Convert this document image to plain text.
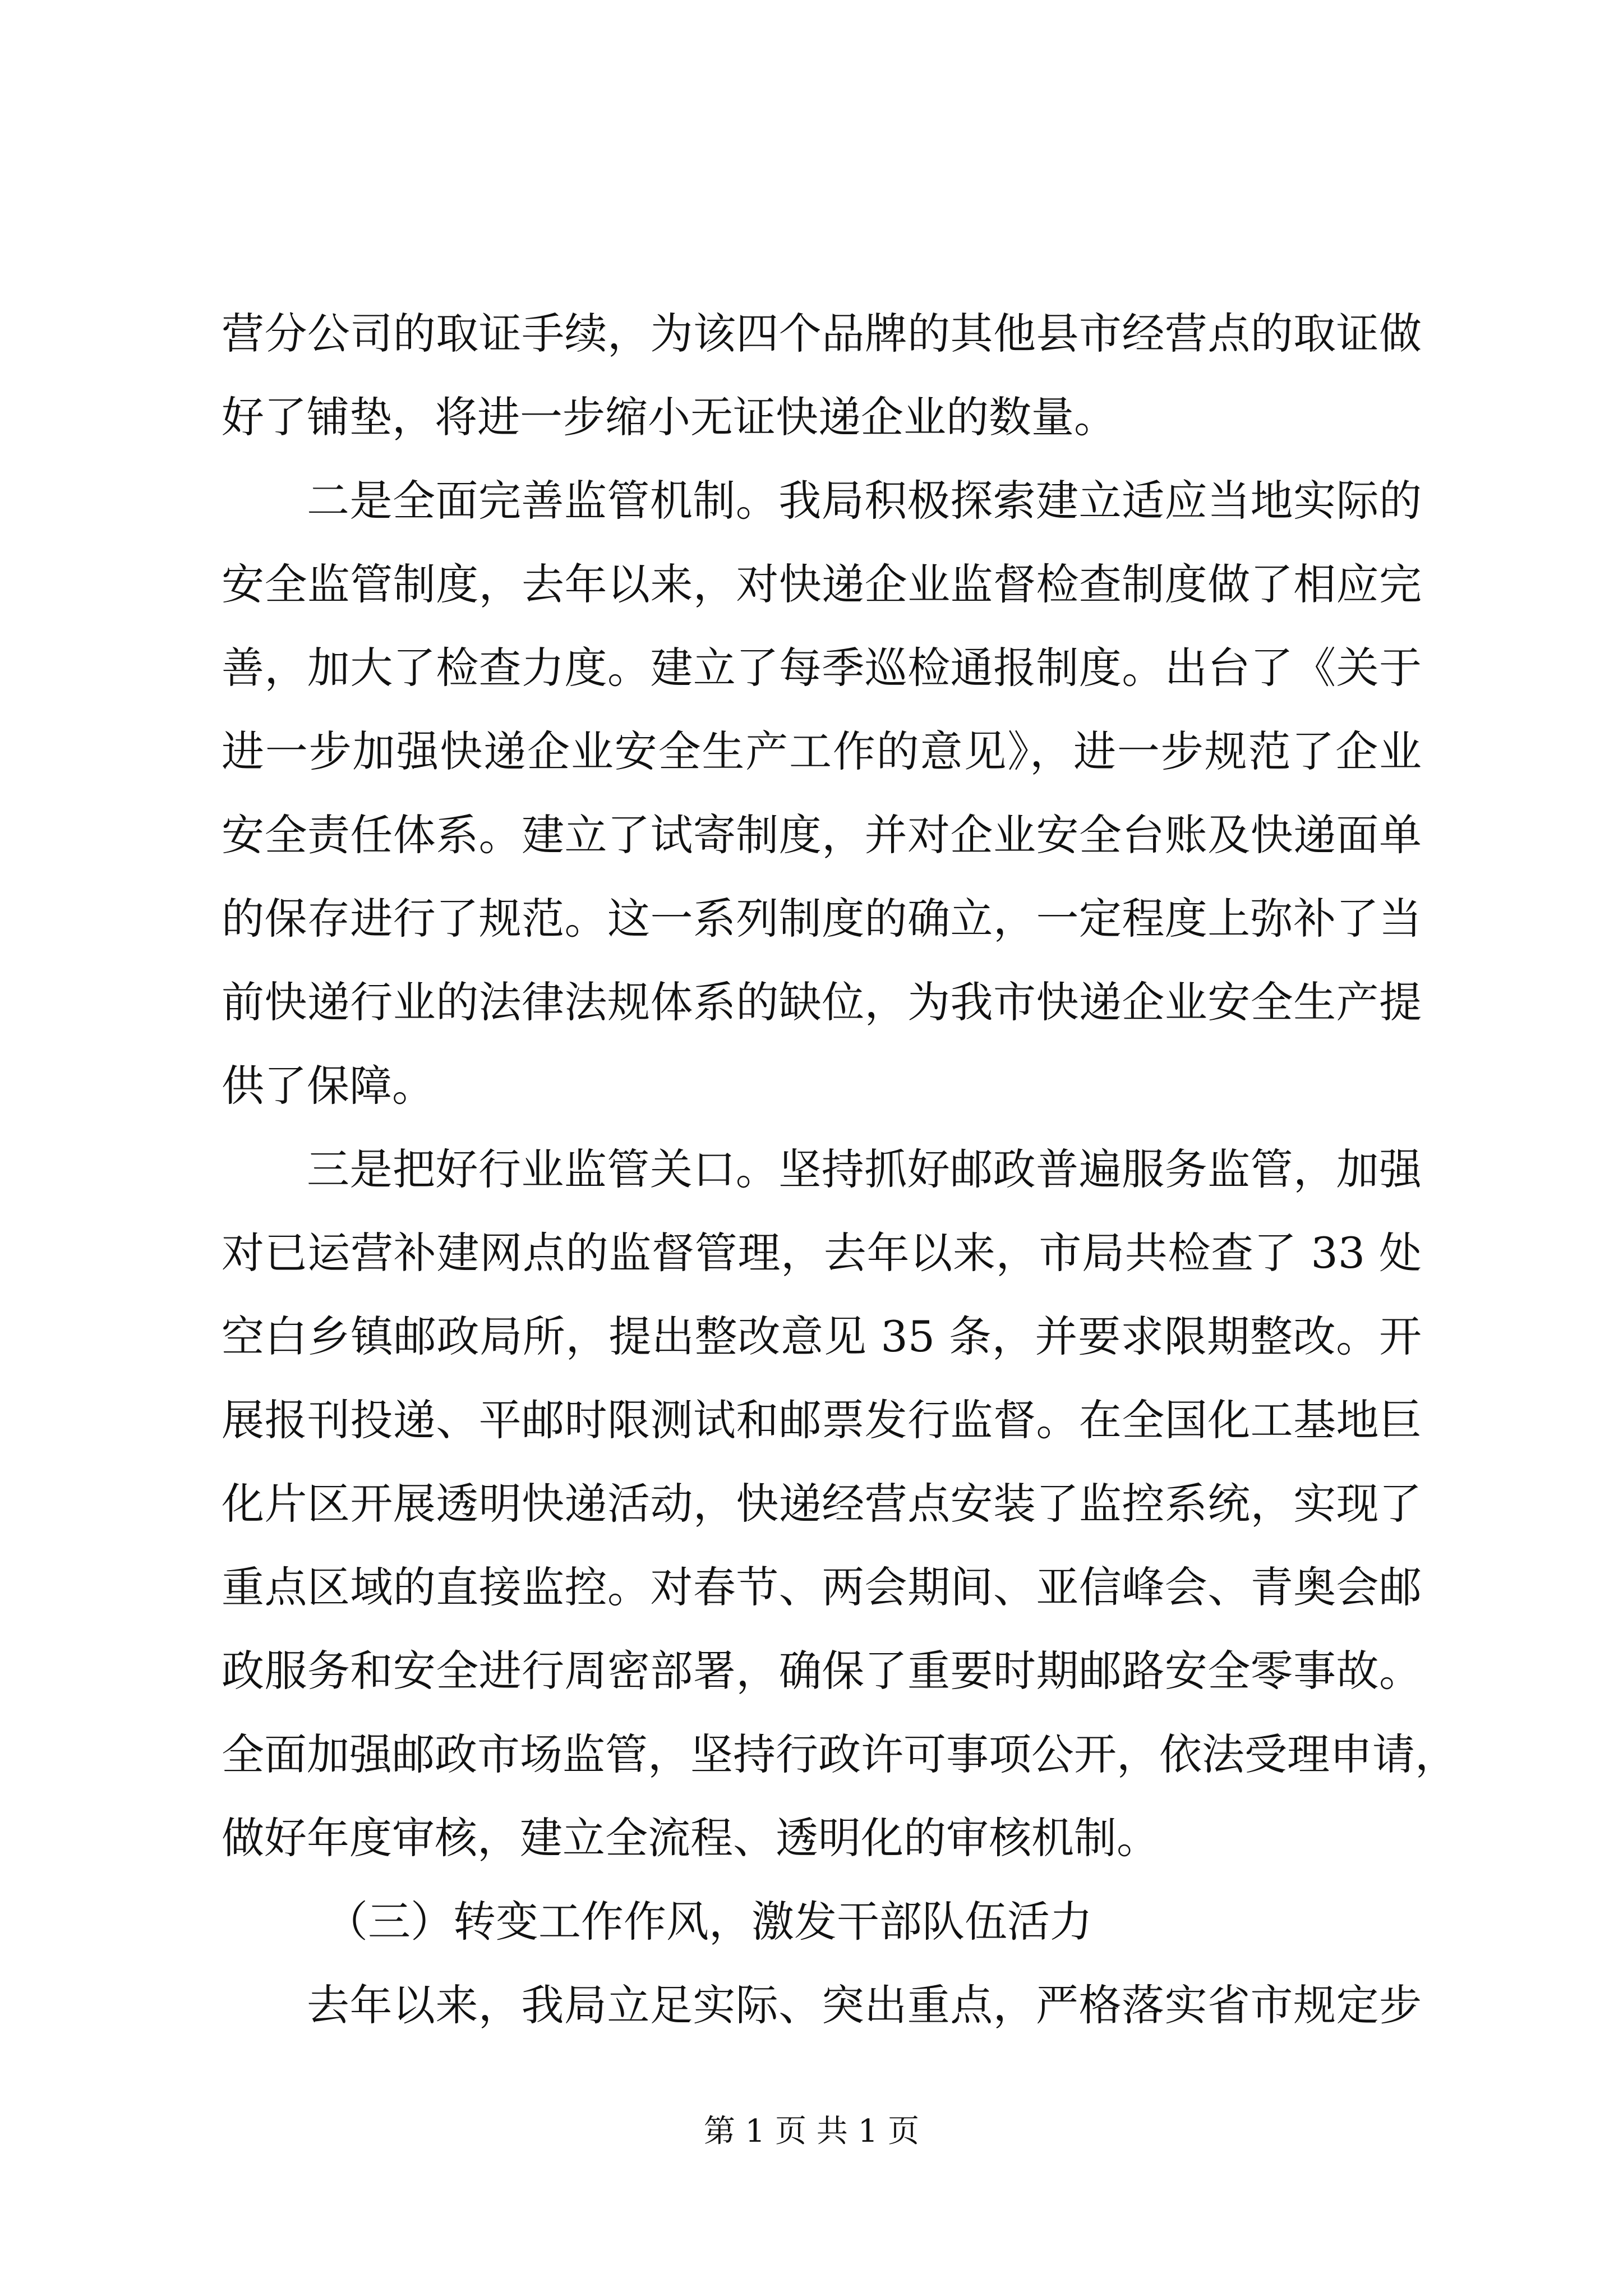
营分公司的取证手续，为该四个品牌的其他县市经营点的取证做
好了铺垫，将进一步缩小无证快递企业的数量。
二是全面完善监管机制。我局积极探索建立适应当地实际的
安全监管制度，去年以来，对快递企业监督检查制度做了相应完
善，加大了检查力度。建立了每季巡检通报制度。出台了《关于
进一步加强快递企业安全生产工作的意见》，进一步规范了企业
安全责任体系。建立了试寄制度，并对企业安全台账及快递面单
的保存进行了规范。这一系列制度的确立，一定程度上弥补了当
前快递行业的法律法规体系的缺位，为我市快递企业安全生产提
供了保障。
三是把好行业监管关口。坚持抓好邮政普遍服务监管，加强
对已运营补建网点的监督管理，去年以来，市局共检查了 33 处
空白乡镇邮政局所，提出整改意见 35 条，并要求限期整改。开
展报刊投递、平邮时限测试和邮票发行监督。在全国化工基地巨
化片区开展透明快递活动，快递经营点安装了监控系统，实现了
重点区域的直接监控。对春节、两会期间、亚信峰会、青奥会邮
政服务和安全进行周密部署，确保了重要时期邮路安全零事故。
全面加强邮政市场监管，坚持行政许可事项公开，依法受理申请，
做好年度审核，建立全流程、透明化的审核机制。
（三）转变工作作风，激发干部队伍活力
去年以来，我局立足实际、突出重点，严格落实省市规定步
第 1 页 共 1 页
